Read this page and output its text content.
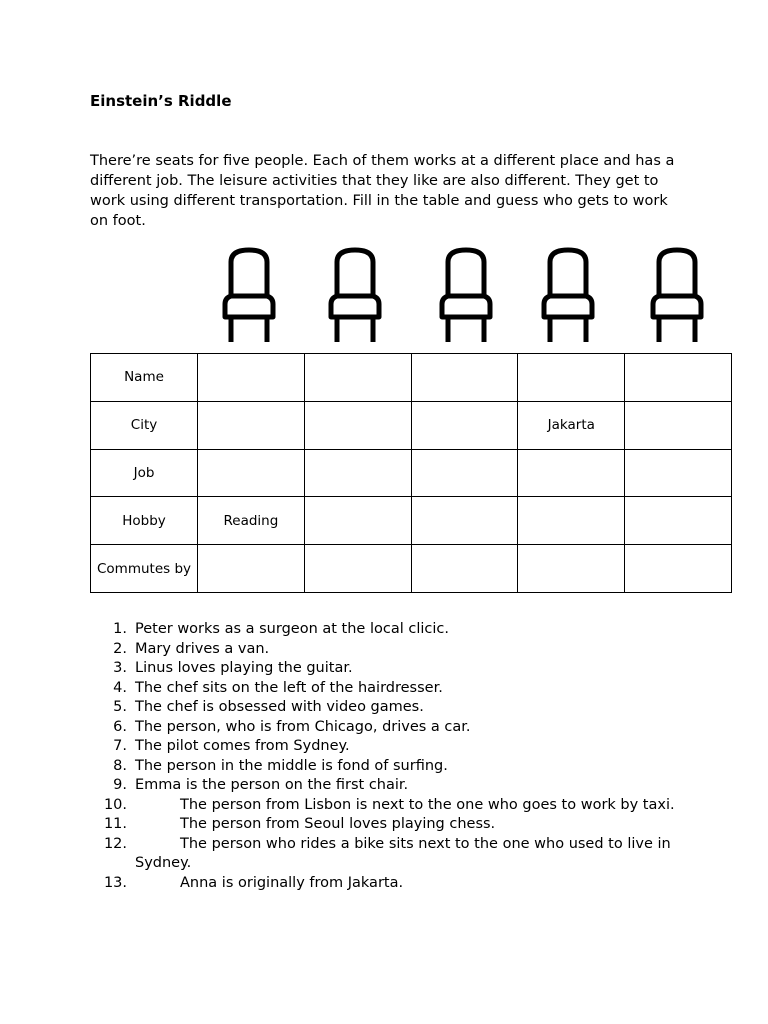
Einstein’s Riddle

There’re seats for five people. Each of them works at a different place and has a different job. The leisure activities that they like are also different. They get to work using different transportation. Fill in the table and guess who gets to work on foot.

Name					
City				Jakarta	
Job					
Hobby	Reading				
Commutes by					
1. Peter works as a surgeon at the local clicic.
2. Mary drives a van.
3. Linus loves playing the guitar.
4. The chef sits on the left of the hairdresser.
5. The chef is obsessed with video games.
6. The person, who is from Chicago, drives a car.
7. The pilot comes from Sydney.
8. The person in the middle is fond of surfing.
9. Emma is the person on the first chair.
10.	The person from Lisbon is next to the one who goes to work by taxi.
11.	The person from Seoul loves playing chess.
12.	The person who rides a bike sits next to the one who used to live in Sydney.
13.	Anna is originally from Jakarta.
